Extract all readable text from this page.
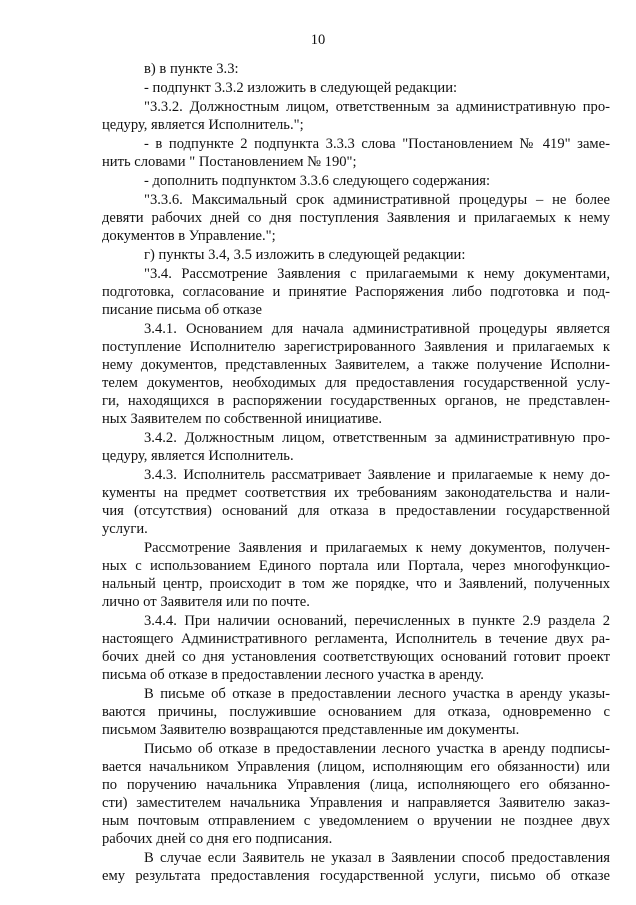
10
в) в пункте 3.3:
- подпункт 3.3.2 изложить в следующей редакции:
"3.3.2. Должностным лицом, ответственным за административную про-
цедуру, является Исполнитель.";
- в подпункте 2 подпункта 3.3.3 слова "Постановлением № 419" заме-
нить словами " Постановлением № 190";
- дополнить подпунктом 3.3.6 следующего содержания:
"3.3.6. Максимальный срок административной процедуры – не более
девяти рабочих дней со дня поступления Заявления и прилагаемых к нему
документов в Управление.";
г) пункты 3.4, 3.5 изложить в следующей редакции:
"3.4. Рассмотрение Заявления с прилагаемыми к нему документами,
подготовка, согласование и принятие Распоряжения либо подготовка и под-
писание письма об отказе
3.4.1. Основанием для начала административной процедуры является
поступление Исполнителю зарегистрированного Заявления и прилагаемых к
нему документов, представленных Заявителем, а также получение Исполни-
телем документов, необходимых для предоставления государственной услу-
ги, находящихся в распоряжении государственных органов, не представлен-
ных Заявителем по собственной инициативе.
3.4.2. Должностным лицом, ответственным за административную про-
цедуру, является Исполнитель.
3.4.3. Исполнитель рассматривает Заявление и прилагаемые к нему до-
кументы на предмет соответствия их требованиям законодательства и нали-
чия (отсутствия) оснований для отказа в предоставлении государственной
услуги.
Рассмотрение Заявления и прилагаемых к нему документов, получен-
ных с использованием Единого портала или Портала, через многофункцио-
нальный центр, происходит в том же порядке, что и Заявлений, полученных
лично от Заявителя или по почте.
3.4.4. При наличии оснований, перечисленных в пункте 2.9 раздела 2
настоящего Административного регламента, Исполнитель в течение двух ра-
бочих дней со дня установления соответствующих оснований готовит проект
письма об отказе в предоставлении лесного участка в аренду.
В письме об отказе в предоставлении лесного участка в аренду указы-
ваются причины, послужившие основанием для отказа, одновременно с
письмом Заявителю возвращаются представленные им документы.
Письмо об отказе в предоставлении лесного участка в аренду подписы-
вается начальником Управления (лицом, исполняющим его обязанности) или
по поручению начальника Управления (лица, исполняющего его обязанно-
сти) заместителем начальника Управления и направляется Заявителю заказ-
ным почтовым отправлением с уведомлением о вручении не позднее двух
рабочих дней со дня его подписания.
В случае если Заявитель не указал в Заявлении способ предоставления
ему результата предоставления государственной услуги, письмо об отказе
